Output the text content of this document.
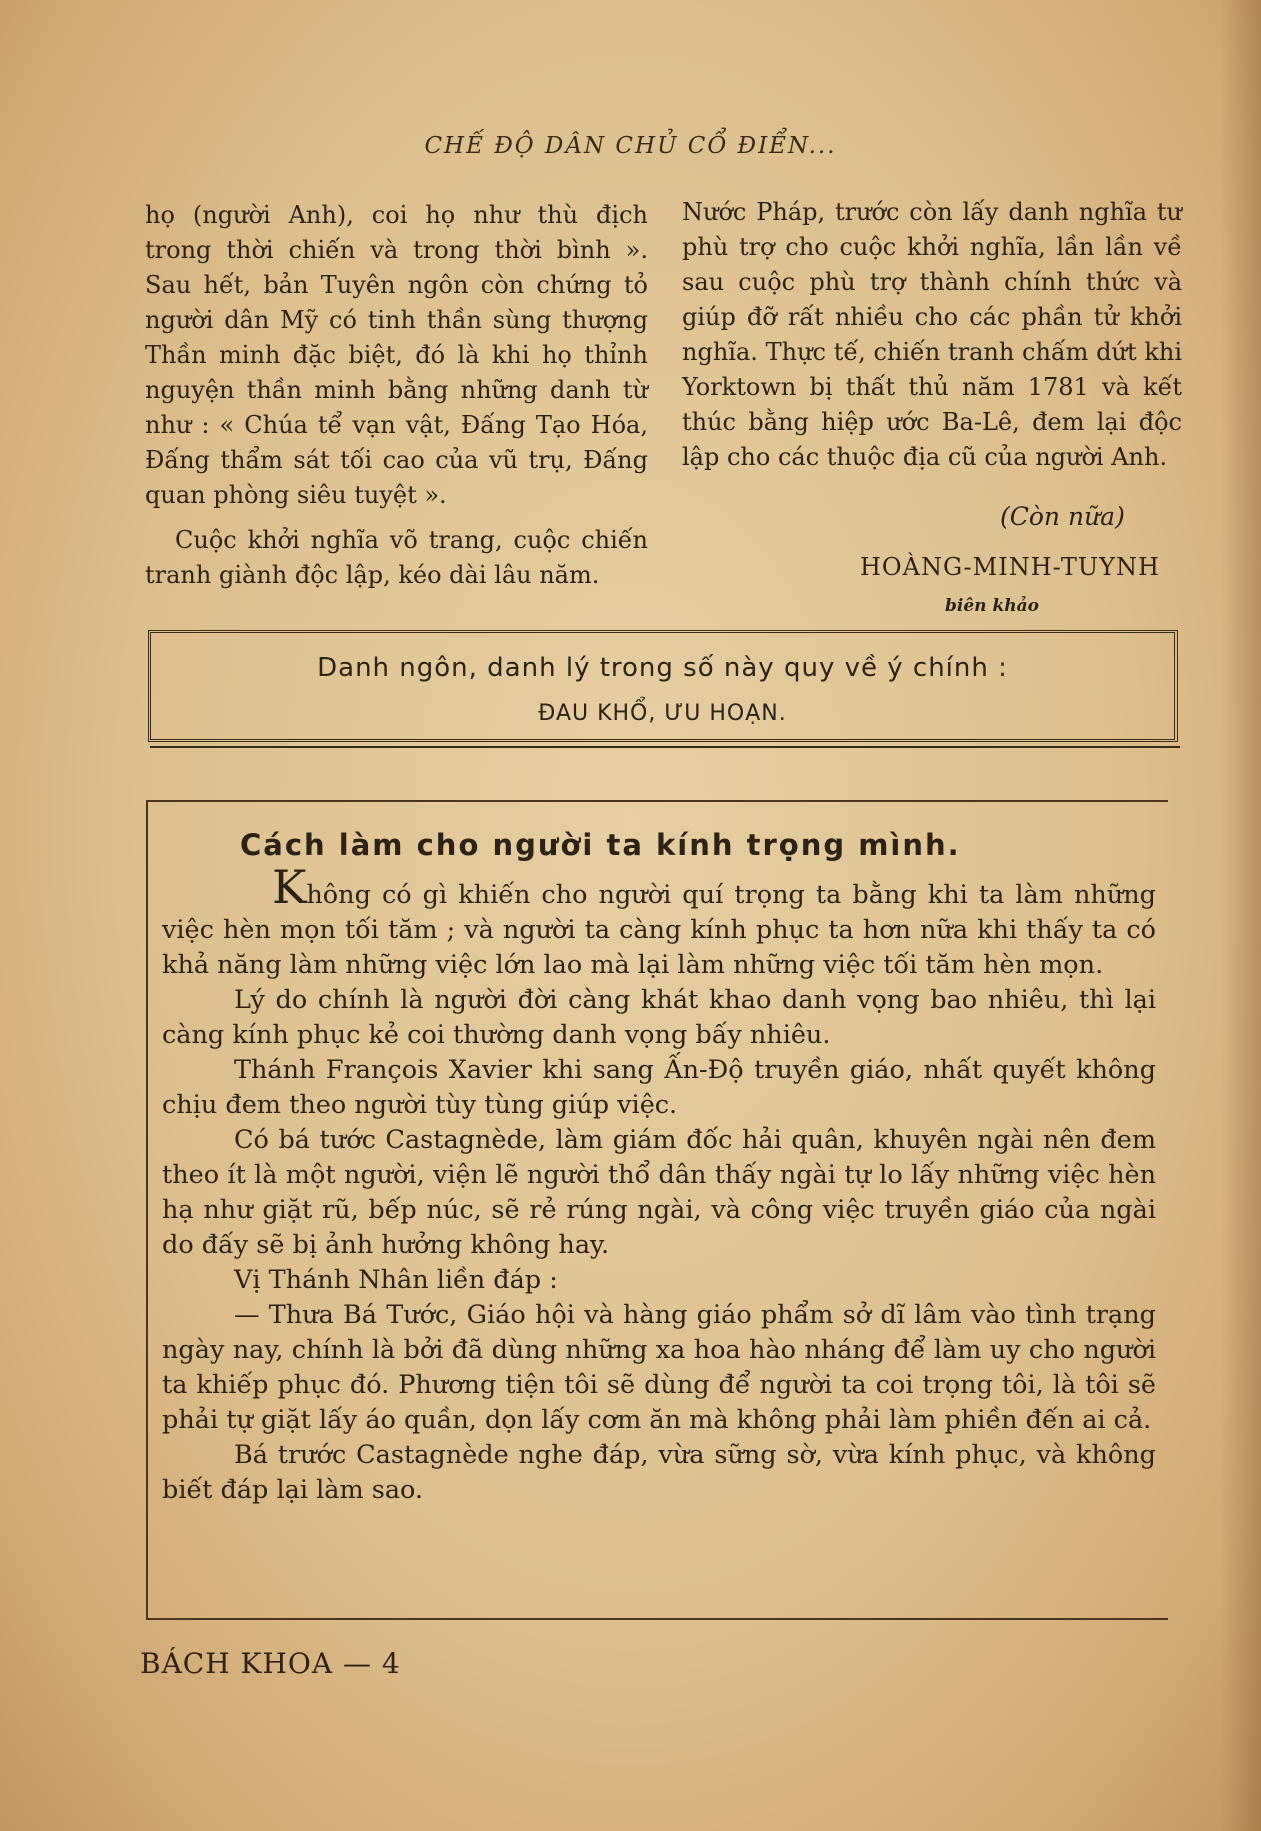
CHẾ ĐỘ DÂN CHỦ CỔ ĐIỂN...

họ (người Anh), coi họ như thù địch trong thời chiến và trong thời bình ». Sau hết, bản Tuyên ngôn còn chứng tỏ người dân Mỹ có tinh thần sùng thượng Thần minh đặc biệt, đó là khi họ thỉnh nguyện thần minh bằng những danh từ như : « Chúa tể vạn vật, Đấng Tạo Hóa, Đấng thẩm sát tối cao của vũ trụ, Đấng quan phòng siêu tuyệt ».

Cuộc khởi nghĩa võ trang, cuộc chiến tranh giành độc lập, kéo dài lâu năm.

Nước Pháp, trước còn lấy danh nghĩa tư phù trợ cho cuộc khởi nghĩa, lần lần về sau cuộc phù trợ thành chính thức và giúp đỡ rất nhiều cho các phần tử khởi nghĩa. Thực tế, chiến tranh chấm dứt khi Yorktown bị thất thủ năm 1781 và kết thúc bằng hiệp ước Ba-Lê, đem lại độc lập cho các thuộc địa cũ của người Anh.

(Còn nữa)
HOÀNG-MINH-TUYNH
biên khảo
Danh ngôn, danh lý trong số này quy về ý chính :
ĐAU KHỔ, ƯU HOẠN.
Cách làm cho người ta kính trọng mình.

Không có gì khiến cho người quí trọng ta bằng khi ta làm những việc hèn mọn tối tăm ; và người ta càng kính phục ta hơn nữa khi thấy ta có khả năng làm những việc lớn lao mà lại làm những việc tối tăm hèn mọn.

Lý do chính là người đời càng khát khao danh vọng bao nhiêu, thì lại càng kính phục kẻ coi thường danh vọng bấy nhiêu.

Thánh François Xavier khi sang Ấn-Độ truyền giáo, nhất quyết không chịu đem theo người tùy tùng giúp việc.

Có bá tước Castagnède, làm giám đốc hải quân, khuyên ngài nên đem theo ít là một người, viện lẽ người thổ dân thấy ngài tự lo lấy những việc hèn hạ như giặt rũ, bếp núc, sẽ rẻ rúng ngài, và công việc truyền giáo của ngài do đấy sẽ bị ảnh hưởng không hay.

Vị Thánh Nhân liền đáp :

— Thưa Bá Tước, Giáo hội và hàng giáo phẩm sở dĩ lâm vào tình trạng ngày nay, chính là bởi đã dùng những xa hoa hào nháng để làm uy cho người ta khiếp phục đó. Phương tiện tôi sẽ dùng để người ta coi trọng tôi, là tôi sẽ phải tự giặt lấy áo quần, dọn lấy cơm ăn mà không phải làm phiền đến ai cả.

Bá trước Castagnède nghe đáp, vừa sững sờ, vừa kính phục, và không biết đáp lại làm sao.

BÁCH KHOA — 4
